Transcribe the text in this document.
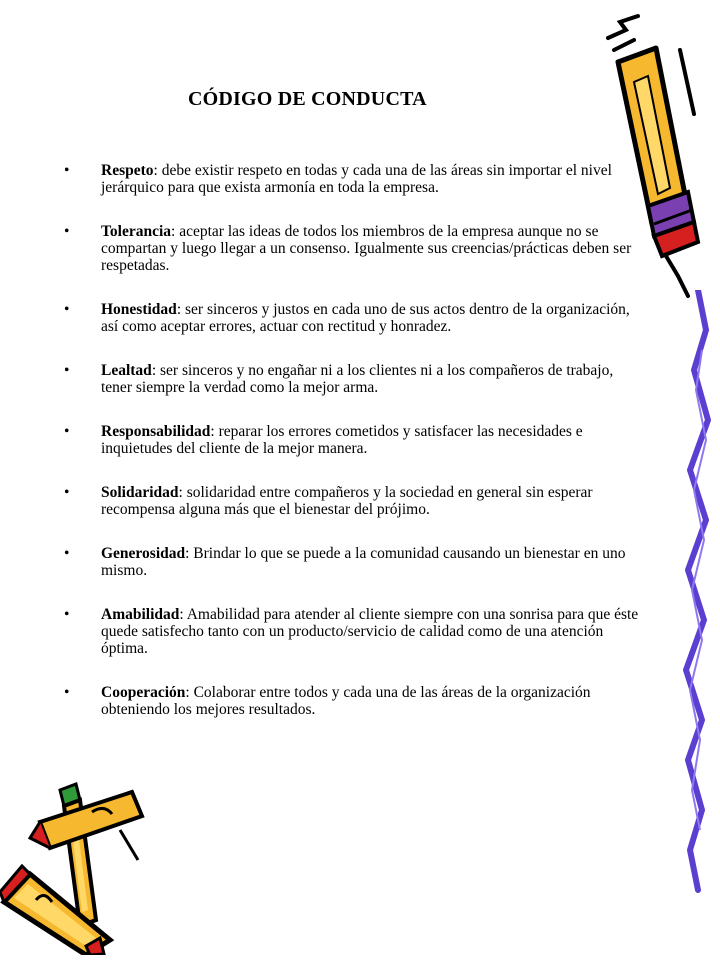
CÓDIGO DE CONDUCTA
• Respeto: debe existir respeto en todas y cada una de las áreas sin importar el nivel jerárquico para que exista armonía en toda la empresa.
• Tolerancia: aceptar las ideas de todos los miembros de la empresa aunque no se compartan y luego llegar a un consenso. Igualmente sus creencias/prácticas deben ser respetadas.
• Honestidad: ser sinceros y justos en cada uno de sus actos dentro de la organización, así como aceptar errores, actuar con rectitud y honradez.
• Lealtad: ser sinceros y no engañar ni a los clientes ni a los compañeros de trabajo, tener siempre la verdad como la mejor arma.
• Responsabilidad: reparar los errores cometidos y satisfacer las necesidades e inquietudes del cliente de la mejor manera.
• Solidaridad: solidaridad entre compañeros y la sociedad en general sin esperar recompensa alguna más que el bienestar del prójimo.
• Generosidad: Brindar lo que se puede a la comunidad causando un bienestar en uno mismo.
• Amabilidad: Amabilidad para atender al cliente siempre con una sonrisa para que éste quede satisfecho tanto con un producto/servicio de calidad como de una atención óptima.
• Cooperación: Colaborar entre todos y cada una de las áreas de la organización obteniendo los mejores resultados.
